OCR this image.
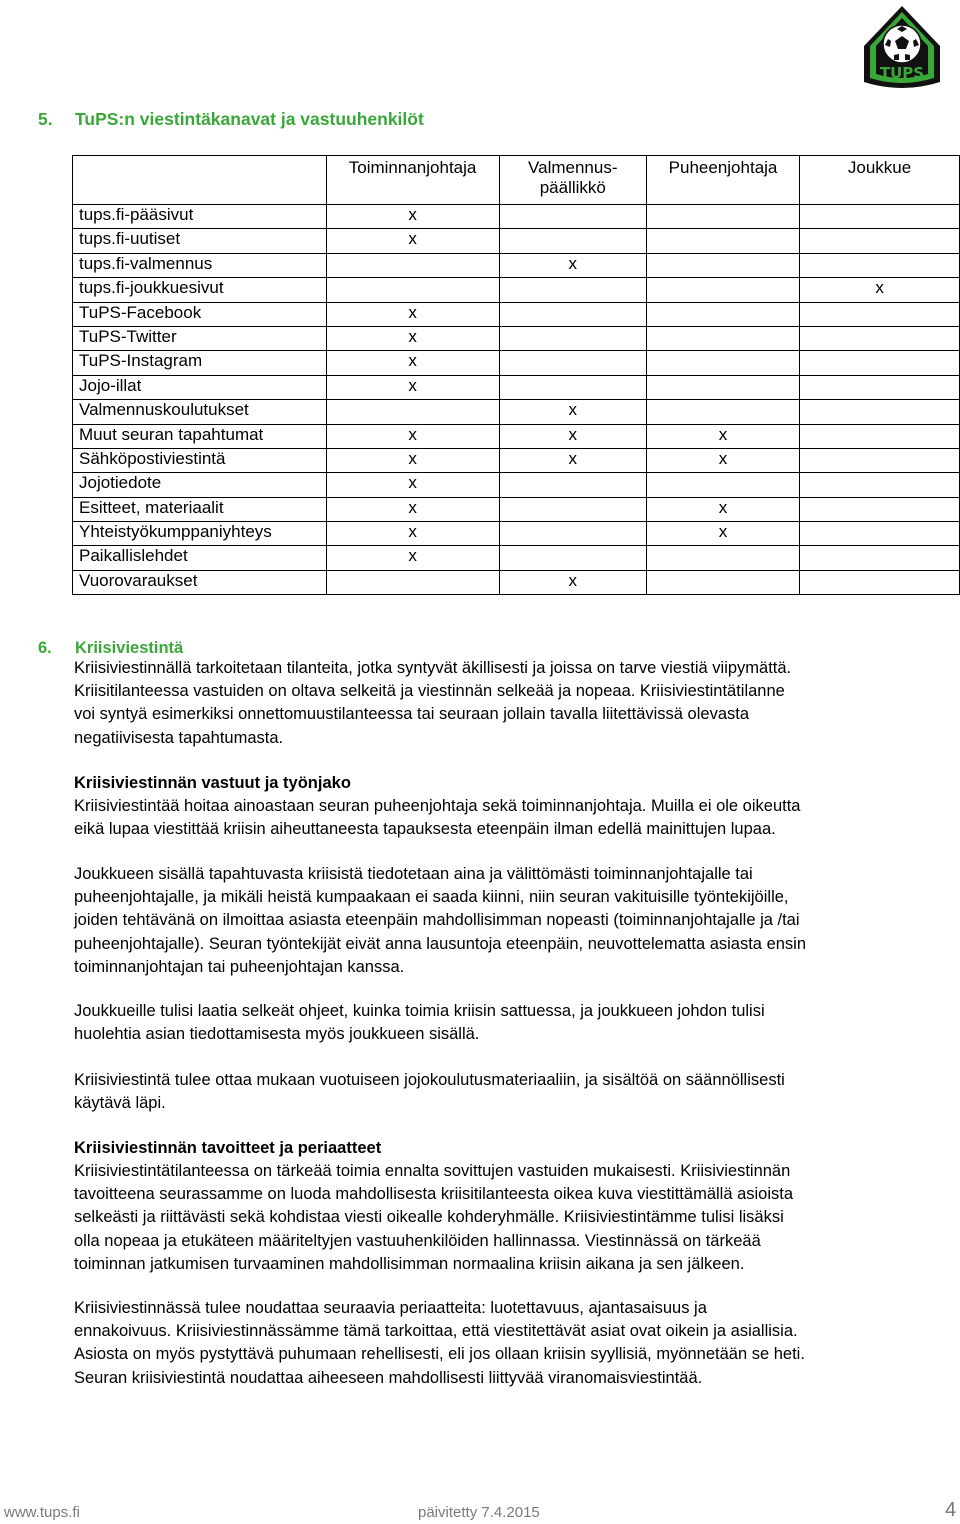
TUPS
5. TuPS:n viestintäkanavat ja vastuuhenkilöt
	Toiminnanjohtaja	Valmennus-päällikkö	Puheenjohtaja	Joukkue
tups.fi-pääsivut	x			
tups.fi-uutiset	x			
tups.fi-valmennus		x		
tups.fi-joukkuesivut				x
TuPS-Facebook	x			
TuPS-Twitter	x			
TuPS-Instagram	x			
Jojo-illat	x			
Valmennuskoulutukset		x		
Muut seuran tapahtumat	x	x	x	
Sähköpostiviestintä	x	x	x	
Jojotiedote	x			
Esitteet, materiaalit	x		x	
Yhteistyökumppaniyhteys	x		x	
Paikallislehdet	x			
Vuorovaraukset		x		
6. Kriisiviestintä
Kriisiviestinnällä tarkoitetaan tilanteita, jotka syntyvät äkillisesti ja joissa on tarve viestiä viipymättä.
Kriisitilanteessa vastuiden on oltava selkeitä ja viestinnän selkeää ja nopeaa. Kriisiviestintätilanne
voi syntyä esimerkiksi onnettomuustilanteessa tai seuraan jollain tavalla liitettävissä olevasta
negatiivisesta tapahtumasta.
Kriisiviestinnän vastuut ja työnjako
Kriisiviestintää hoitaa ainoastaan seuran puheenjohtaja sekä toiminnanjohtaja. Muilla ei ole oikeutta
eikä lupaa viestittää kriisin aiheuttaneesta tapauksesta eteenpäin ilman edellä mainittujen lupaa.
Joukkueen sisällä tapahtuvasta kriisistä tiedotetaan aina ja välittömästi toiminnanjohtajalle tai
puheenjohtajalle, ja mikäli heistä kumpaakaan ei saada kiinni, niin seuran vakituisille työntekijöille,
joiden tehtävänä on ilmoittaa asiasta eteenpäin mahdollisimman nopeasti (toiminnanjohtajalle ja /tai
puheenjohtajalle). Seuran työntekijät eivät anna lausuntoja eteenpäin, neuvottelematta asiasta ensin
toiminnanjohtajan tai puheenjohtajan kanssa.
Joukkueille tulisi laatia selkeät ohjeet, kuinka toimia kriisin sattuessa, ja joukkueen johdon tulisi
huolehtia asian tiedottamisesta myös joukkueen sisällä.
Kriisiviestintä tulee ottaa mukaan vuotuiseen jojokoulutusmateriaaliin, ja sisältöä on säännöllisesti
käytävä läpi.
Kriisiviestinnän tavoitteet ja periaatteet
Kriisiviestintätilanteessa on tärkeää toimia ennalta sovittujen vastuiden mukaisesti. Kriisiviestinnän
tavoitteena seurassamme on luoda mahdollisesta kriisitilanteesta oikea kuva viestittämällä asioista
selkeästi ja riittävästi sekä kohdistaa viesti oikealle kohderyhmälle. Kriisiviestintämme tulisi lisäksi
olla nopeaa ja etukäteen määriteltyjen vastuuhenkilöiden hallinnassa. Viestinnässä on tärkeää
toiminnan jatkumisen turvaaminen mahdollisimman normaalina kriisin aikana ja sen jälkeen.
Kriisiviestinnässä tulee noudattaa seuraavia periaatteita: luotettavuus, ajantasaisuus ja
ennakoivuus. Kriisiviestinnässämme tämä tarkoittaa, että viestitettävät asiat ovat oikein ja asiallisia.
Asiosta on myös pystyttävä puhumaan rehellisesti, eli jos ollaan kriisin syyllisiä, myönnetään se heti.
Seuran kriisiviestintä noudattaa aiheeseen mahdollisesti liittyvää viranomaisviestintää.
www.tups.fi	päivitetty 7.4.2015	4
